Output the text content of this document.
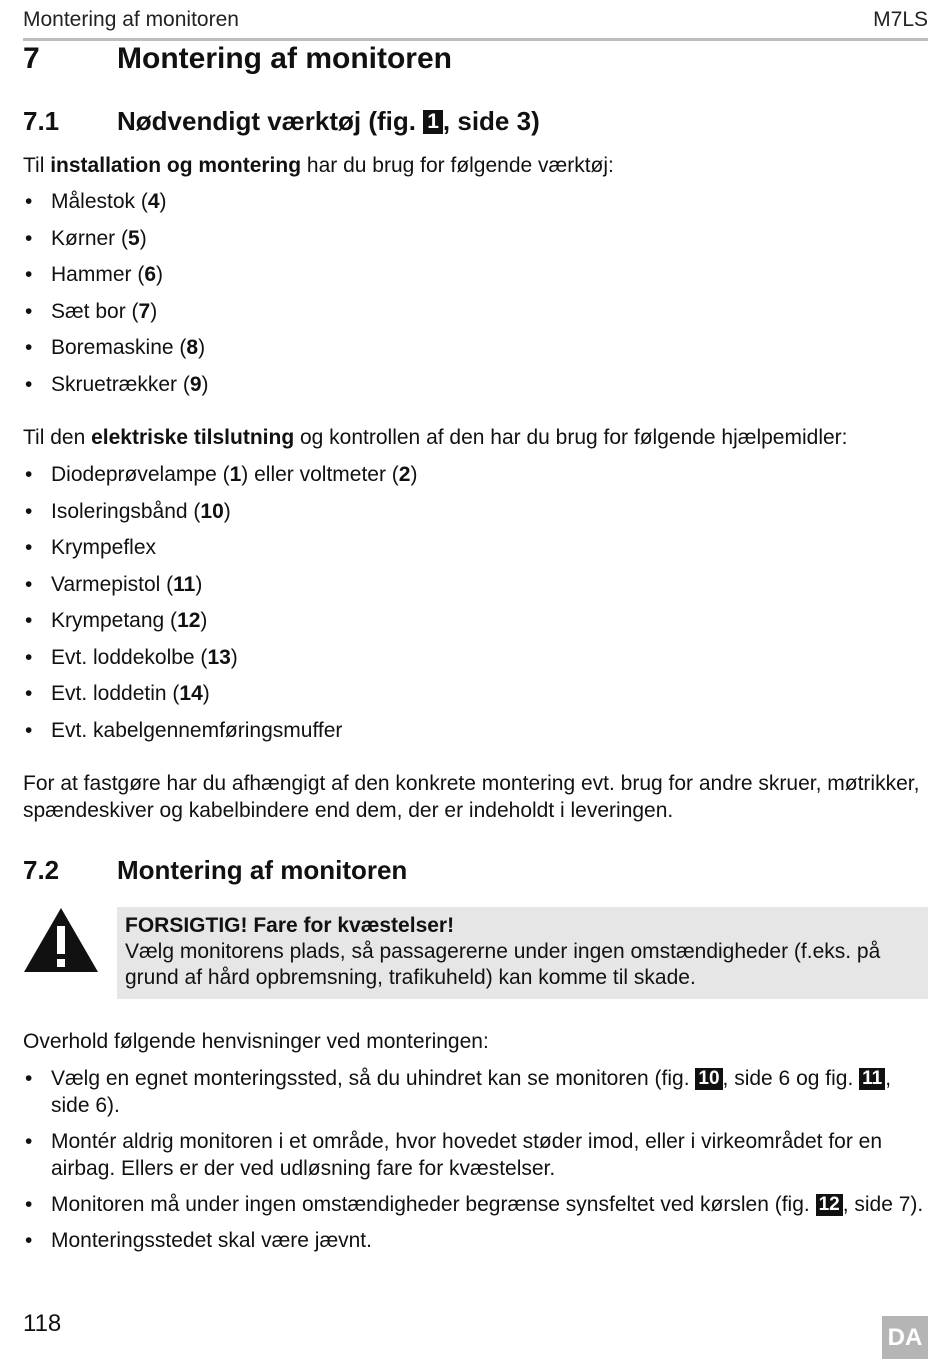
Montering af monitoren	M7LS
7	Montering af monitoren
7.1 Nødvendigt værktøj (fig. 1 , side 3)
Til installation og montering har du brug for følgende værktøj:
• Målestok (4)
• Kørner (5)
• Hammer (6)
• Sæt bor (7)
• Boremaskine (8)
• Skruetrækker (9)
Til den elektriske tilslutning og kontrollen af den har du brug for følgende hjælpemidler:
• Diodeprøvelampe (1) eller voltmeter (2)
• Isoleringsbånd (10)
• Krympeflex
• Varmepistol (11)
• Krympetang (12)
• Evt. loddekolbe (13)
• Evt. loddetin (14)
• Evt. kabelgennemføringsmuffer
For at fastgøre har du afhængigt af den konkrete montering evt. brug for andre skruer, møtrikker, spændeskiver og kabelbindere end dem, der er indeholdt i leveringen.
7.2 Montering af monitoren
FORSIGTIG! Fare for kvæstelser!
Vælg monitorens plads, så passagererne under ingen omstændigheder (f.eks. på grund af hård opbremsning, trafikuheld) kan komme til skade.
Overhold følgende henvisninger ved monteringen:
• Vælg en egnet monteringssted, så du uhindret kan se monitoren (fig. 10 , side 6 og fig. 11 , side 6).
• Montér aldrig monitoren i et område, hvor hovedet støder imod, eller i virkeområdet for en airbag. Ellers er der ved udløsning fare for kvæstelser.
• Monitoren må under ingen omstændigheder begrænse synsfeltet ved kørslen (fig. 12 , side 7).
• Monteringsstedet skal være jævnt.
118	DA
